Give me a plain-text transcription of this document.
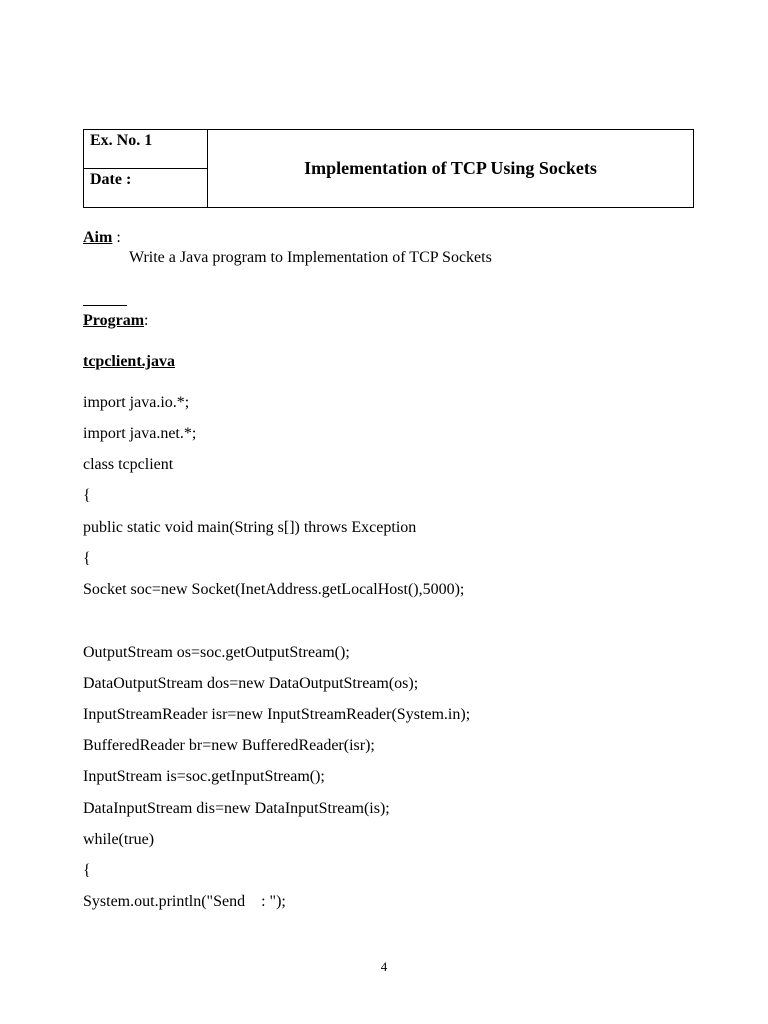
Ex. No. 1
Date :
Implementation of TCP Using Sockets
Aim :
Write a Java program to Implementation of TCP Sockets
Program:
tcpclient.java
import java.io.*;
import java.net.*;
class tcpclient
{
public static void main(String s[]) throws Exception
{
Socket soc=new Socket(InetAddress.getLocalHost(),5000);
OutputStream os=soc.getOutputStream();
DataOutputStream dos=new DataOutputStream(os);
InputStreamReader isr=new InputStreamReader(System.in);
BufferedReader br=new BufferedReader(isr);
InputStream is=soc.getInputStream();
DataInputStream dis=new DataInputStream(is);
while(true)
{
System.out.println("Send    : ");
4
